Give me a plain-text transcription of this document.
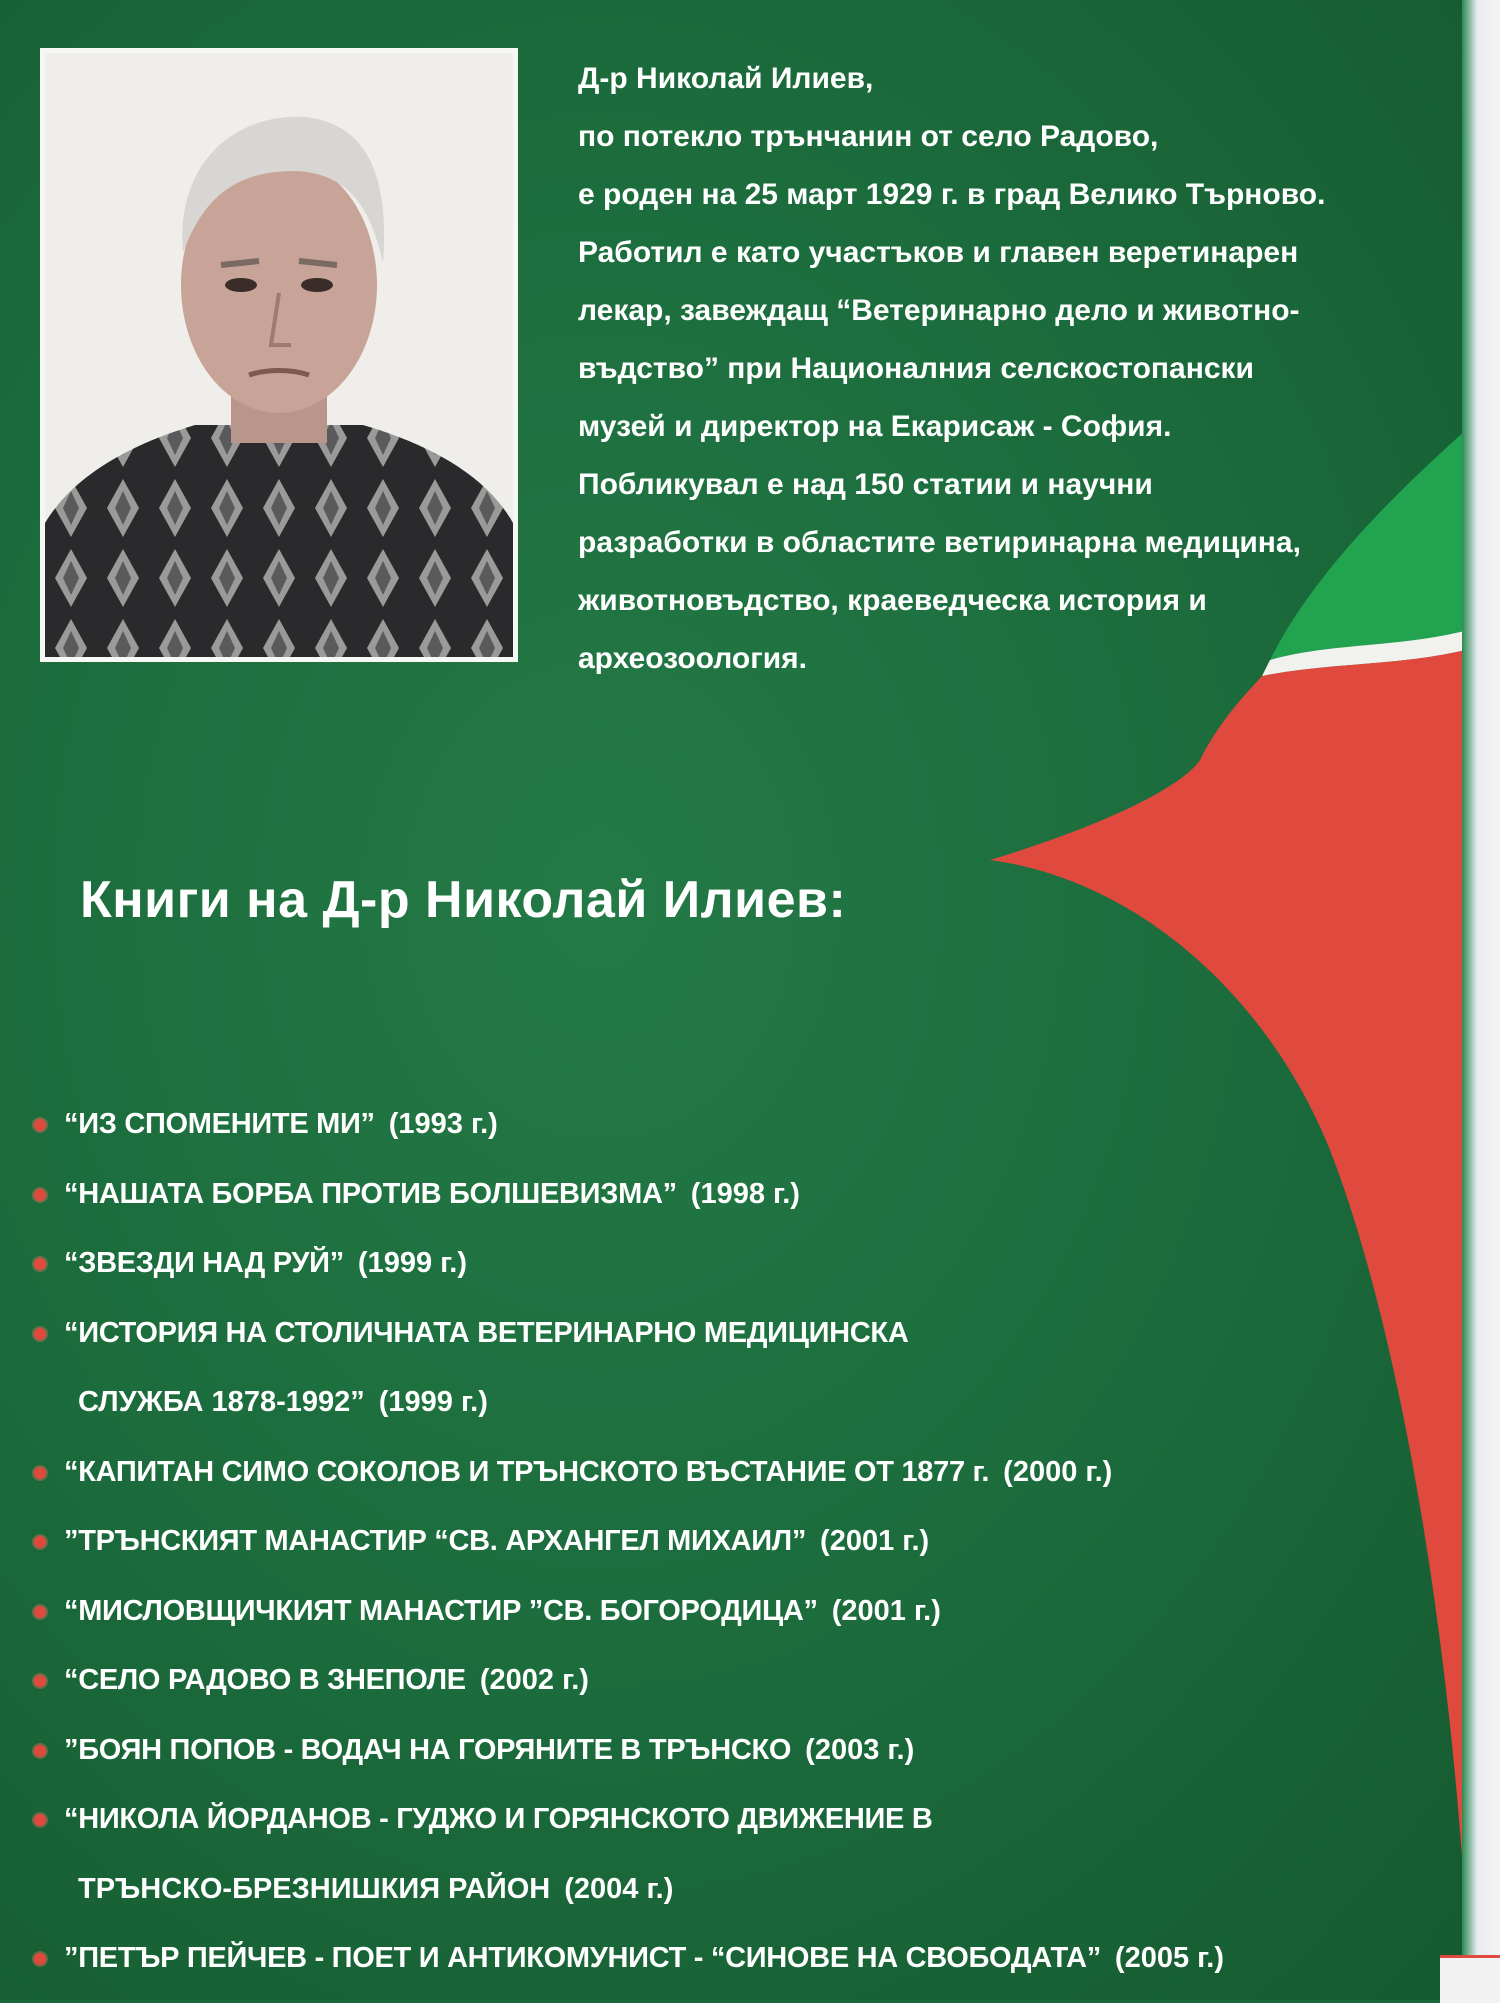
Д-р Николай Илиев,
по потекло трънчанин от село Радово,
е роден на 25 март 1929 г. в град Велико Търново.
Работил е като участъков и главен веретинарен
лекар, завеждащ “Ветеринарно дело и животно-
въдство” при Националния селскостопански
музей и директор на Екарисаж - София.
Побликувал е над 150 статии и научни
разработки в областите ветиринарна медицина,
животновъдство, краеведческа история и
археозоология.
Книги на Д-р Николай Илиев:
“ИЗ СПОМЕНИТЕ МИ” (1993 г.)
“НАШАТА БОРБА ПРОТИВ БОЛШЕВИЗМА” (1998 г.)
“ЗВЕЗДИ НАД РУЙ” (1999 г.)
“ИСТОРИЯ НА СТОЛИЧНАТА ВЕТЕРИНАРНО МЕДИЦИНСКА
СЛУЖБА 1878-1992” (1999 г.)
“КАПИТАН СИМО СОКОЛОВ И ТРЪНСКОТО ВЪСТАНИЕ ОТ 1877 г. (2000 г.)
”ТРЪНСКИЯТ МАНАСТИР “СВ. АРХАНГЕЛ МИХАИЛ” (2001 г.)
“МИСЛОВЩИЧКИЯТ МАНАСТИР ”СВ. БОГОРОДИЦА” (2001 г.)
“СЕЛО РАДОВО В ЗНЕПОЛЕ (2002 г.)
”БОЯН ПОПОВ - ВОДАЧ НА ГОРЯНИТЕ В ТРЪНСКО (2003 г.)
“НИКОЛА ЙОРДАНОВ - ГУДЖО И ГОРЯНСКОТО ДВИЖЕНИЕ В
ТРЪНСКО-БРЕЗНИШКИЯ РАЙОН (2004 г.)
”ПЕТЪР ПЕЙЧЕВ - ПОЕТ И АНТИКОМУНИСТ - “СИНОВЕ НА СВОБОДАТА” (2005 г.)
